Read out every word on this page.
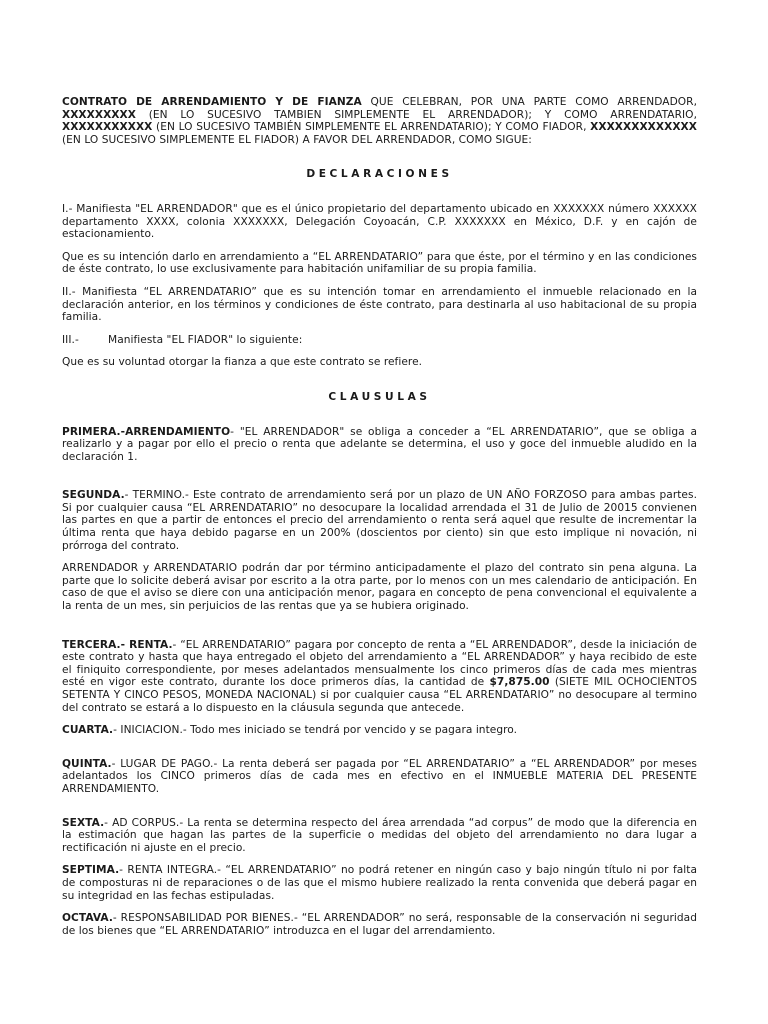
CONTRATO DE ARRENDAMIENTO Y DE FIANZA QUE CELEBRAN, POR UNA PARTE COMO ARRENDADOR, XXXXXXXXX (EN LO SUCESIVO TAMBIEN SIMPLEMENTE EL ARRENDADOR); Y COMO ARRENDATARIO, XXXXXXXXXXX (EN LO SUCESIVO TAMBIÉN SIMPLEMENTE EL ARRENDATARIO); Y COMO FIADOR, XXXXXXXXXXXXX (EN LO SUCESIVO SIMPLEMENTE EL FIADOR) A FAVOR DEL ARRENDADOR, COMO SIGUE:

DECLARACIONES

I.- Manifiesta "EL ARRENDADOR" que es el único propietario del departamento ubicado en XXXXXXX número XXXXXX departamento XXXX, colonia XXXXXXX, Delegación Coyoacán, C.P. XXXXXXX en México, D.F. y en cajón de estacionamiento.

Que es su intención darlo en arrendamiento a “EL ARRENDATARIO” para que éste, por el término y en las condiciones de éste contrato, lo use exclusivamente para habitación unifamiliar de su propia familia.

II.- Manifiesta “EL ARRENDATARIO” que es su intención tomar en arrendamiento el inmueble relacionado en la declaración anterior, en los términos y condiciones de éste contrato, para destinarla al uso habitacional de su propia familia.

III.-	Manifiesta "EL FIADOR" lo siguiente:

Que es su voluntad otorgar la fianza a que este contrato se refiere.

CLAUSULAS

PRIMERA.-ARRENDAMIENTO- "EL ARRENDADOR" se obliga a conceder a “EL ARRENDATARIO”, que se obliga a realizarlo y a pagar por ello el precio o renta que adelante se determina, el uso y goce del inmueble aludido en la declaración 1.

SEGUNDA.- TERMINO.- Este contrato de arrendamiento será por un plazo de UN AÑO FORZOSO para ambas partes. Si por cualquier causa “EL ARRENDATARIO” no desocupare la localidad arrendada el 31 de Julio de 20015 convienen las partes en que a partir de entonces el precio del arrendamiento o renta será aquel que resulte de incrementar la última renta que haya debido pagarse en un 200% (doscientos por ciento) sin que esto implique ni novación, ni prórroga del contrato.

ARRENDADOR y ARRENDATARIO podrán dar por término anticipadamente el plazo del contrato sin pena alguna. La parte que lo solicite deberá avisar por escrito a la otra parte, por lo menos con un mes calendario de anticipación. En caso de que el aviso se diere con una anticipación menor, pagara en concepto de pena convencional el equivalente a la renta de un mes, sin perjuicios de las rentas que ya se hubiera originado.

TERCERA.- RENTA.- “EL ARRENDATARIO” pagara por concepto de renta a “EL ARRENDADOR”, desde la iniciación de este contrato y hasta que haya entregado el objeto del arrendamiento a “EL ARRENDADOR” y haya recibido de este el finiquito correspondiente, por meses adelantados mensualmente los cinco primeros días de cada mes mientras esté en vigor este contrato, durante los doce primeros días, la cantidad de $7,875.00 (SIETE MIL OCHOCIENTOS SETENTA Y CINCO PESOS, MONEDA NACIONAL) si por cualquier causa “EL ARRENDATARIO” no desocupare al termino del contrato se estará a lo dispuesto en la cláusula segunda que antecede.

CUARTA.- INICIACION.- Todo mes iniciado se tendrá por vencido y se pagara integro.

QUINTA.- LUGAR DE PAGO.- La renta deberá ser pagada por “EL ARRENDATARIO” a “EL ARRENDADOR” por meses adelantados los CINCO primeros días de cada mes en efectivo en el INMUEBLE MATERIA DEL PRESENTE ARRENDAMIENTO.

SEXTA.- AD CORPUS.- La renta se determina respecto del área arrendada “ad corpus” de modo que la diferencia en la estimación que hagan las partes de la superficie o medidas del objeto del arrendamiento no dara lugar a rectificación ni ajuste en el precio.

SEPTIMA.- RENTA INTEGRA.- “EL ARRENDATARIO” no podrá retener en ningún caso y bajo ningún título ni por falta de composturas ni de reparaciones o de las que el mismo hubiere realizado la renta convenida que deberá pagar en su integridad en las fechas estipuladas.

OCTAVA.- RESPONSABILIDAD POR BIENES.- “EL ARRENDADOR” no será, responsable de la conservación ni seguridad de los bienes que “EL ARRENDATARIO” introduzca en el lugar del arrendamiento.
